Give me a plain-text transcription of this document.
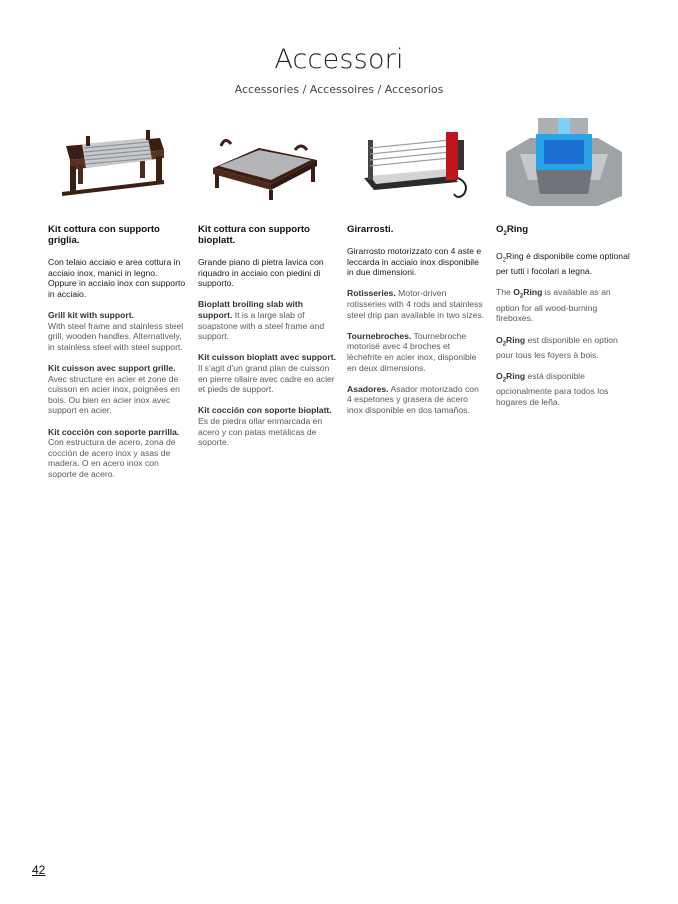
Accessori
Accessories / Accessoires / Accesorios
Kit cottura con supporto griglia.

Con telaio acciaio e area cottura in acciaio inox, manici in legno. Oppure in acciaio inox con supporto in acciaio.

Grill kit with support.
With steel frame and stainless steel grill, wooden handles. Alternatively, in stainless steel with steel support.

Kit cuisson avec support grille.
Avec structure en acier et zone de cuisson en acier inox, poignées en bois. Ou bien en acier inox avec support en acier.

Kit cocción con soporte parrilla. Con estructura de acero, zona de cocción de acero inox y asas de madera. O en acero inox con soporte de acero.

Kit cottura con supporto bioplatt.

Grande piano di pietra lavica con riquadro in acciaio con piedini di supporto.

Bioplatt broiling slab with support. It is a large slab of soapstone with a steel frame and support.

Kit cuisson bioplatt avec support. Il s'agit d'un grand plan de cuisson en pierre ollaire avec cadre en acier et pieds de support.

Kit cocción con soporte bioplatt. Es de piedra ollar enmarcada en acero y con patas metálicas de soporte.

Girarrosti.

Girarrosto motorizzato con 4 aste e leccarda in acciaio inox disponibile in due dimensioni.

Rotisseries. Motor-driven rotisseries with 4 rods and stainless steel drip pan available in two sizes.

Tournebroches. Tournebroche motorisé avec 4 broches et lèchefrite en acier inox, disponible en deux dimensions.

Asadores. Asador motorizado con 4 espetones y grasera de acero inox disponible en dos tamaños.

$O_2Ring$

$O_2Ring$ è disponibile come optional per tutti i focolari a legna.

The $O_2Ring$ is available as an option for all wood-burning fireboxes.

$O_2Ring$ est disponible en option pour tous les foyers à bois.

$O_2Ring$ está disponible opcionalmente para todos los hogares de leña.

42
